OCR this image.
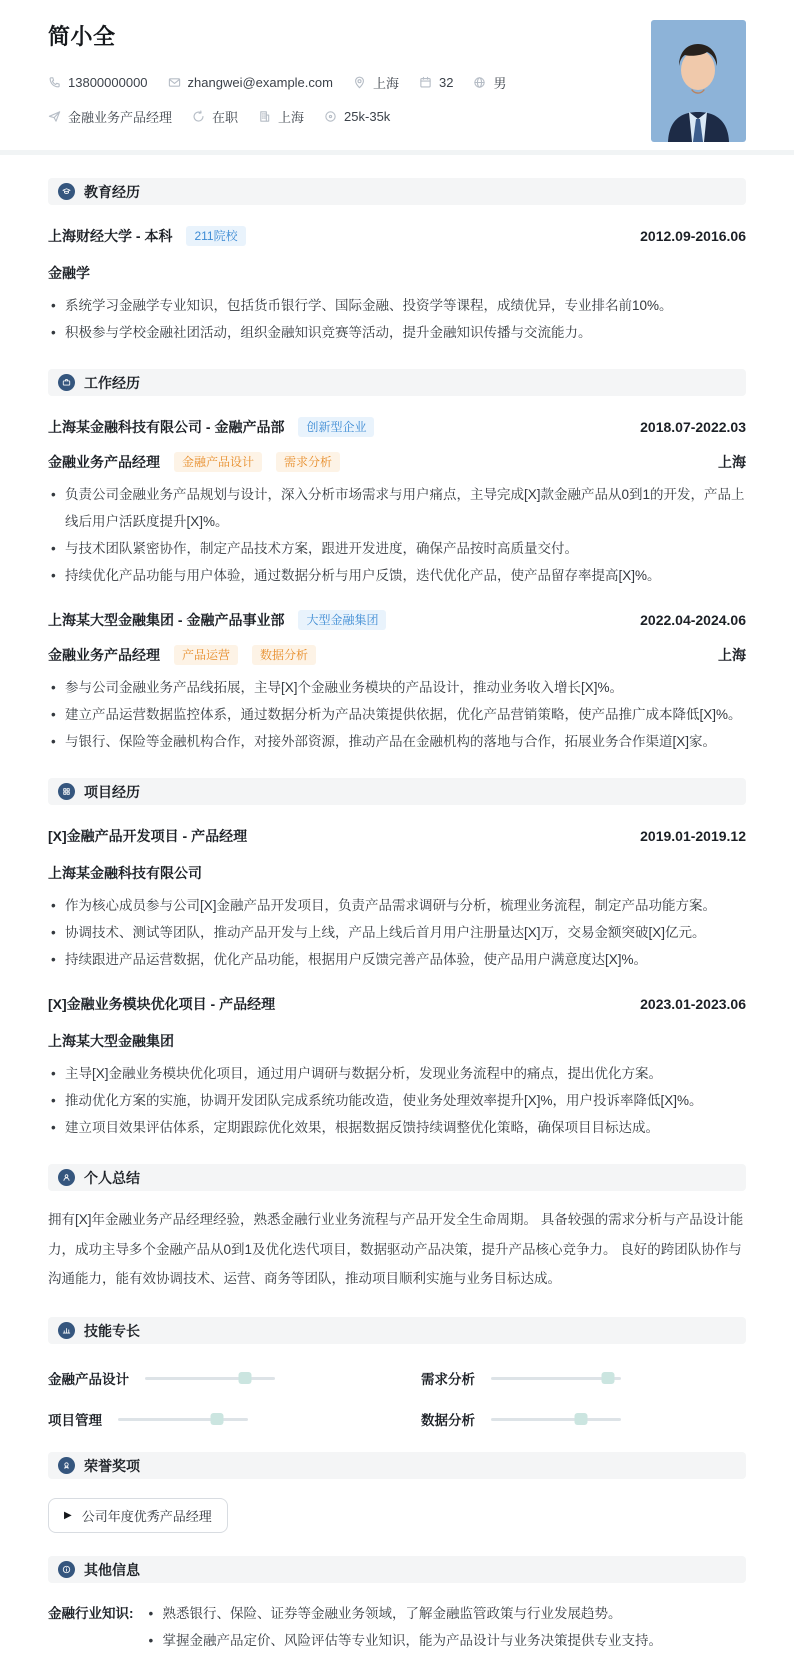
简小全
13800000000	zhangwei@example.com	上海	32	男
金融业务产品经理	在职	上海	25k-35k
教育经历
上海财经大学 - 本科	211院校	2012.09-2016.06
金融学
• 系统学习金融学专业知识，包括货币银行学、国际金融、投资学等课程，成绩优异，专业排名前10%。
• 积极参与学校金融社团活动，组织金融知识竞赛等活动，提升金融知识传播与交流能力。
工作经历
上海某金融科技有限公司 - 金融产品部	创新型企业	2018.07-2022.03
金融业务产品经理	金融产品设计	需求分析	上海
• 负责公司金融业务产品规划与设计，深入分析市场需求与用户痛点，主导完成[X]款金融产品从0到1的开发，产品上线后用户活跃度提升[X]%。
• 与技术团队紧密协作，制定产品技术方案，跟进开发进度，确保产品按时高质量交付。
• 持续优化产品功能与用户体验，通过数据分析与用户反馈，迭代优化产品，使产品留存率提高[X]%。
上海某大型金融集团 - 金融产品事业部	大型金融集团	2022.04-2024.06
金融业务产品经理	产品运营	数据分析	上海
• 参与公司金融业务产品线拓展，主导[X]个金融业务模块的产品设计，推动业务收入增长[X]%。
• 建立产品运营数据监控体系，通过数据分析为产品决策提供依据，优化产品营销策略，使产品推广成本降低[X]%。
• 与银行、保险等金融机构合作，对接外部资源，推动产品在金融机构的落地与合作，拓展业务合作渠道[X]家。
项目经历
[X]金融产品开发项目 - 产品经理	2019.01-2019.12
上海某金融科技有限公司
• 作为核心成员参与公司[X]金融产品开发项目，负责产品需求调研与分析，梳理业务流程，制定产品功能方案。
• 协调技术、测试等团队，推动产品开发与上线，产品上线后首月用户注册量达[X]万，交易金额突破[X]亿元。
• 持续跟进产品运营数据，优化产品功能，根据用户反馈完善产品体验，使产品用户满意度达[X]%。
[X]金融业务模块优化项目 - 产品经理	2023.01-2023.06
上海某大型金融集团
• 主导[X]金融业务模块优化项目，通过用户调研与数据分析，发现业务流程中的痛点，提出优化方案。
• 推动优化方案的实施，协调开发团队完成系统功能改造，使业务处理效率提升[X]%，用户投诉率降低[X]%。
• 建立项目效果评估体系，定期跟踪优化效果，根据数据反馈持续调整优化策略，确保项目目标达成。
个人总结

拥有[X]年金融业务产品经理经验，熟悉金融行业业务流程与产品开发全生命周期。 具备较强的需求分析与产品设计能力，成功主导多个金融产品从0到1及优化迭代项目，数据驱动产品决策，提升产品核心竞争力。 良好的跨团队协作与沟通能力，能有效协调技术、运营、商务等团队，推动项目顺利实施与业务目标达成。

技能专长
金融产品设计	需求分析
项目管理	数据分析
荣誉奖项
▶ 公司年度优秀产品经理
其他信息
金融行业知识:	• 熟悉银行、保险、证券等金融业务领域，了解金融监管政策与行业发展趋势。
• 掌握金融产品定价、风险评估等专业知识，能为产品设计与业务决策提供专业支持。
